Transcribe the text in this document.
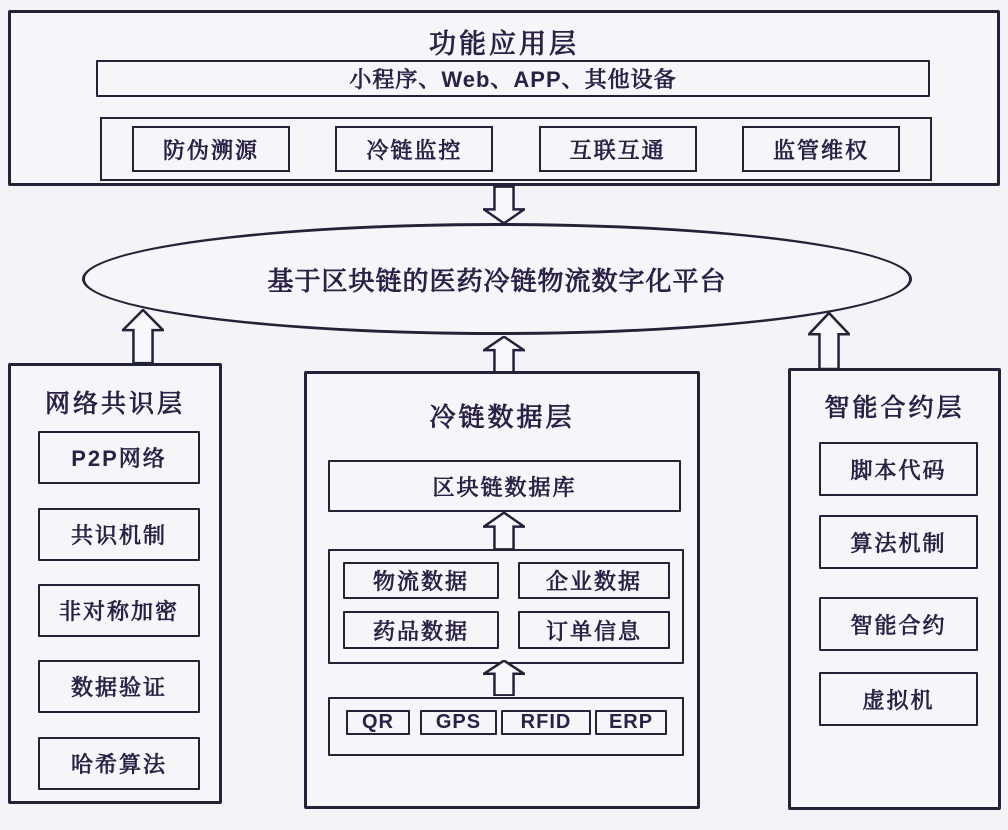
功能应用层
小程序、Web、APP、其他设备
防伪溯源	冷链监控	互联互通	监管维权
基于区块链的医药冷链物流数字化平台
网络共识层
P2P网络
共识机制
非对称加密
数据验证
哈希算法
冷链数据层
区块链数据库
物流数据	企业数据
药品数据	订单信息
QR	GPS	RFID	ERP
智能合约层
脚本代码
算法机制
智能合约
虚拟机
